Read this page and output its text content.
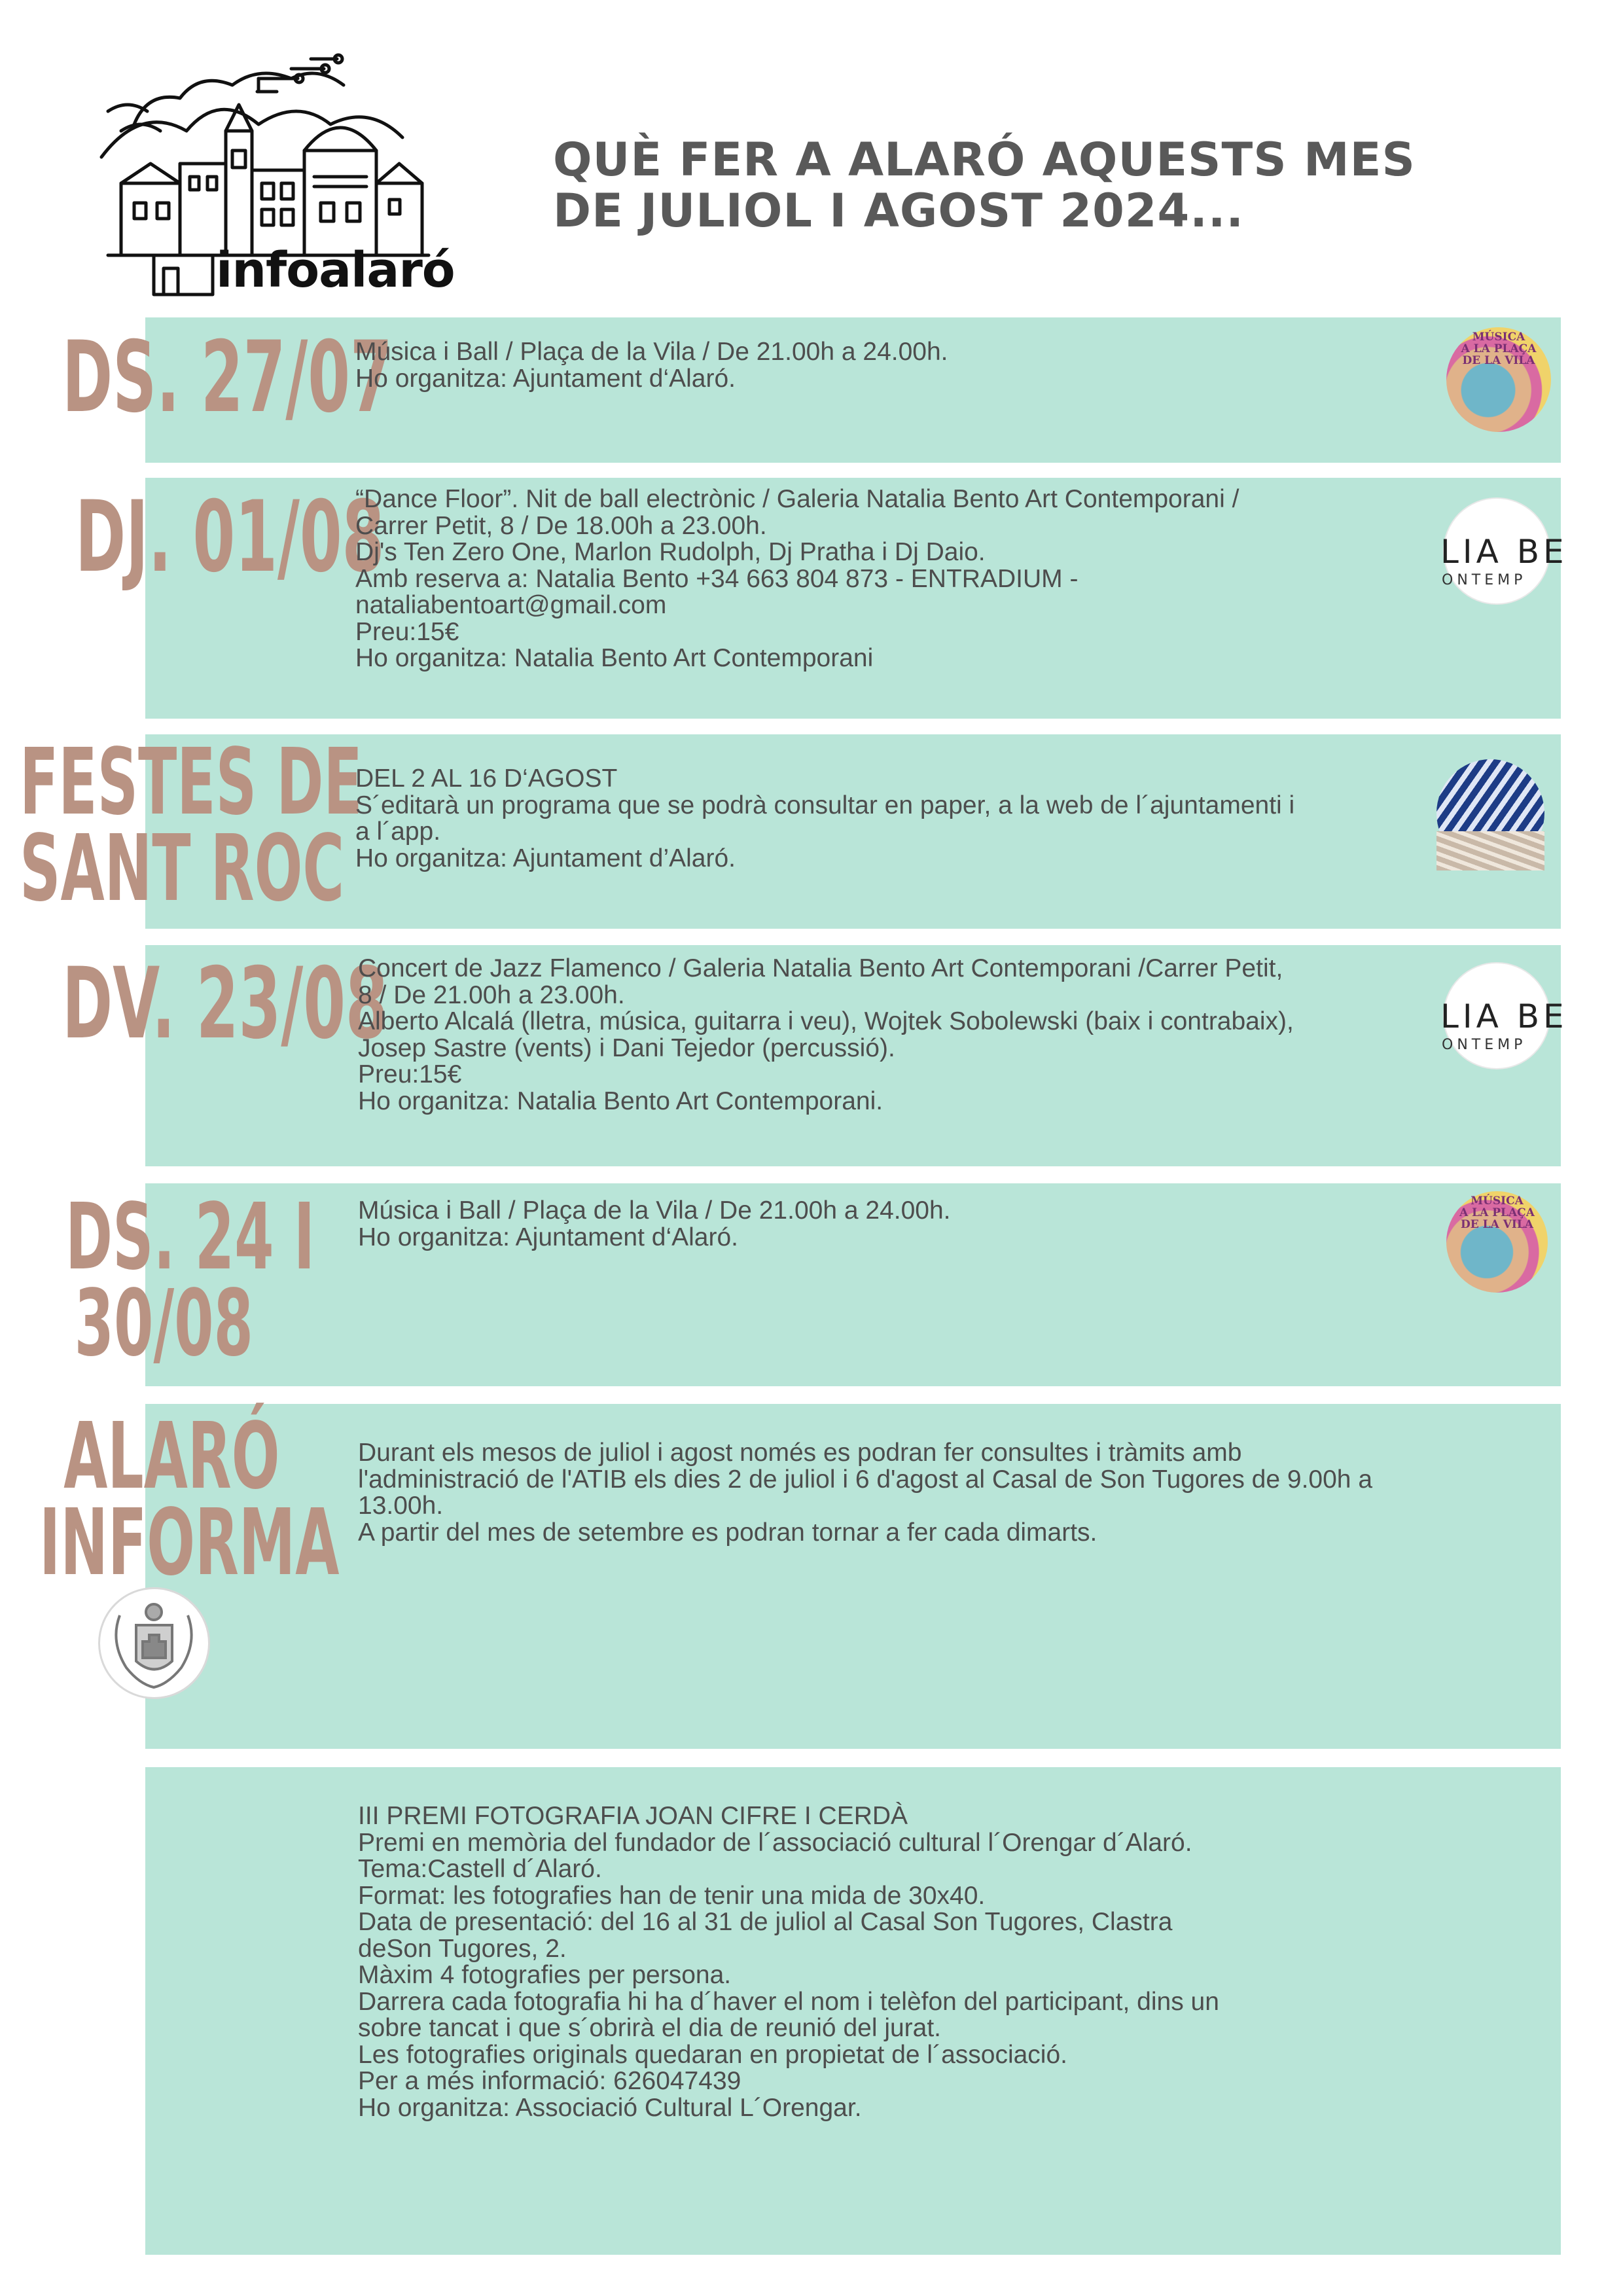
infoalaró
QUÈ FER A ALARÓ AQUESTS MES
DE JULIOL I AGOST 2024...
DS. 27/07
Música i Ball / Plaça de la Vila / De 21.00h a 24.00h.
Ho organitza: Ajuntament d‘Alaró.
MÚSICA
A LA PLAÇA
DE LA VILA
DJ. 01/08
“Dance Floor”. Nit de ball electrònic / Galeria Natalia Bento Art Contemporani /
Carrer Petit, 8 / De 18.00h a 23.00h.
Dj's Ten Zero One, Marlon Rudolph, Dj Pratha i Dj Daio.
Amb reserva a: Natalia Bento +34 663 804 873 - ENTRADIUM -
nataliabentoart@gmail.com
Preu:15€
Ho organitza: Natalia Bento Art Contemporani
LIA BE
ONTEMP
FESTES DE
SANT ROC
DEL 2 AL 16 D‘AGOST
S´editarà un programa que se podrà consultar en paper, a la web de l´ajuntamenti i
a l´app.
Ho organitza: Ajuntament d’Alaró.
DV. 23/08
Concert de Jazz Flamenco / Galeria Natalia Bento Art Contemporani /Carrer Petit,
8 / De 21.00h a 23.00h.
Alberto Alcalá (lletra, música, guitarra i veu), Wojtek Sobolewski (baix i contrabaix),
Josep Sastre (vents) i Dani Tejedor (percussió).
Preu:15€
Ho organitza: Natalia Bento Art Contemporani.
LIA BE
ONTEMP
DS. 24 I
30/08
Música i Ball / Plaça de la Vila / De 21.00h a 24.00h.
Ho organitza: Ajuntament d‘Alaró.
MÚSICA
A LA PLAÇA
DE LA VILA
ALARÓ
INFORMA
Durant els mesos de juliol i agost només es podran fer consultes i tràmits amb
l'administració de l'ATIB els dies 2 de juliol i 6 d'agost al Casal de Son Tugores de 9.00h a
13.00h.
A partir del mes de setembre es podran tornar a fer cada dimarts.
III PREMI FOTOGRAFIA JOAN CIFRE I CERDÀ
Premi en memòria del fundador de l´associació cultural l´Orengar d´Alaró.
Tema:Castell d´Alaró.
Format: les fotografies han de tenir una mida de 30x40.
Data de presentació: del 16 al 31 de juliol al Casal Son Tugores, Clastra
deSon Tugores, 2.
Màxim 4 fotografies per persona.
Darrera cada fotografia hi ha d´haver el nom i telèfon del participant, dins un
sobre tancat i que s´obrirà el dia de reunió del jurat.
Les fotografies originals quedaran en propietat de l´associació.
Per a més informació: 626047439
Ho organitza: Associació Cultural L´Orengar.
